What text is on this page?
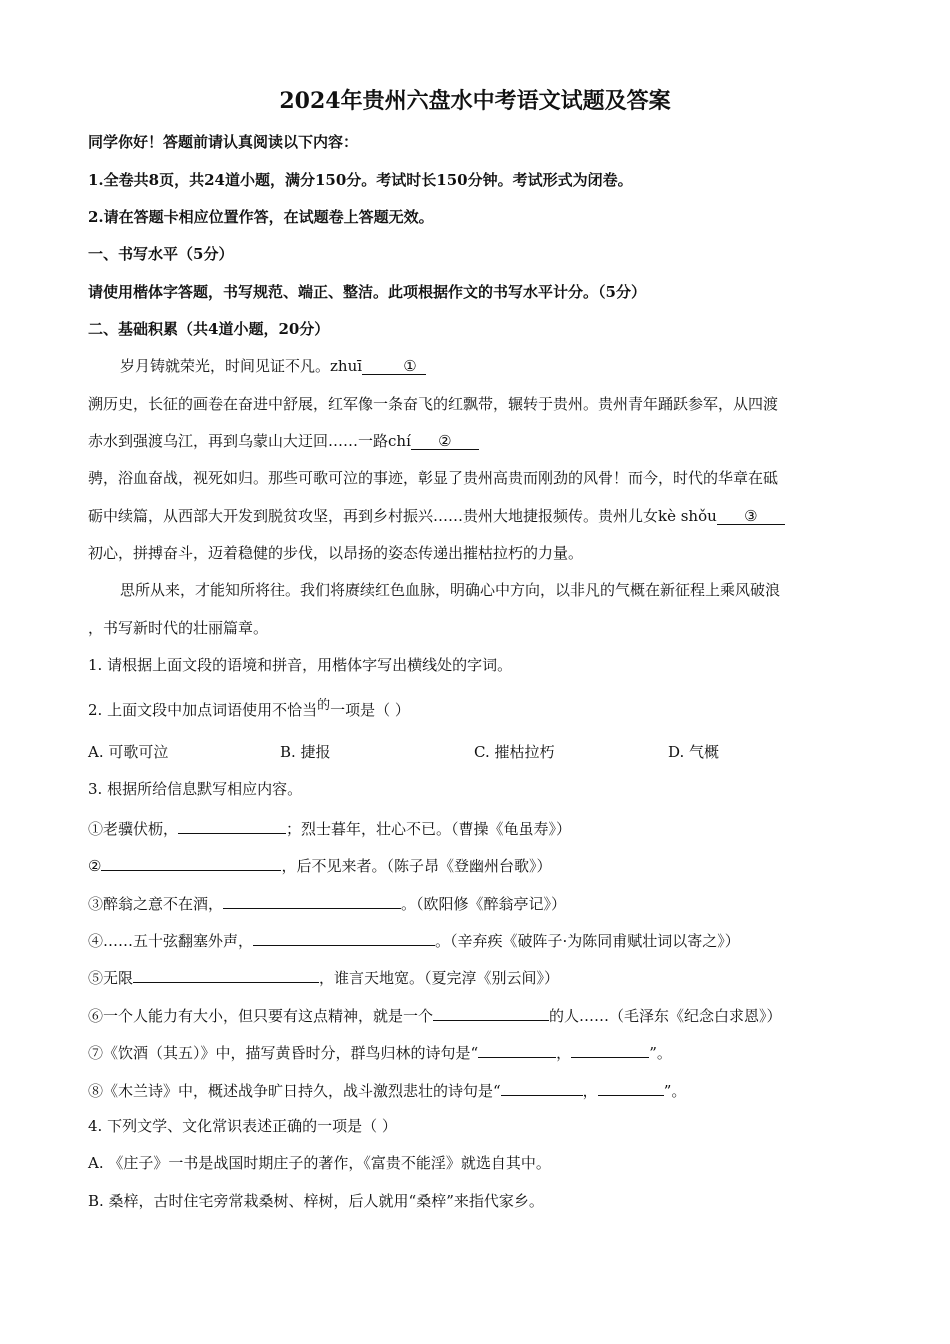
2024年贵州六盘水中考语文试题及答案
同学你好！答题前请认真阅读以下内容：
1.全卷共8页，共24道小题，满分150分。考试时长150分钟。考试形式为闭卷。
2.请在答题卡相应位置作答，在试题卷上答题无效。
一、书写水平（5分）
请使用楷体字答题，书写规范、端正、整洁。此项根据作文的书写水平计分。（5分）
二、基础积累（共4道小题，20分）
岁月铸就荣光，时间见证不凡。zhuī	①
溯历史，长征的画卷在奋进中舒展，红军像一条奋飞的红飘带，辗转于贵州。贵州青年踊跃参军，从四渡
赤水到强渡乌江，再到乌蒙山大迂回……一路chí ②
骋，浴血奋战，视死如归。那些可歌可泣的事迹，彰显了贵州高贵而刚劲的风骨！而今，时代的华章在砥
砺中续篇，从西部大开发到脱贫攻坚，再到乡村振兴……贵州大地捷报频传。贵州儿女kè shǒu ③
初心，拼搏奋斗，迈着稳健的步伐，以昂扬的姿态传递出摧枯拉朽的力量。
思所从来，才能知所将往。我们将赓续红色血脉，明确心中方向，以非凡的气概在新征程上乘风破浪
，书写新时代的壮丽篇章。
1. 请根据上面文段的语境和拼音，用楷体字写出横线处的字词。
2. 上面文段中加点词语使用不恰当的一项是（ ）
A. 可歌可泣	B. 捷报	C. 摧枯拉朽	D. 气概
3. 根据所给信息默写相应内容。
①老骥伏枥，	；烈士暮年，壮心不已。（曹操《龟虽寿》）
②	，后不见来者。（陈子昂《登幽州台歌》）
③醉翁之意不在酒，	。（欧阳修《醉翁亭记》）
④……五十弦翻塞外声，	。（辛弃疾《破阵子·为陈同甫赋壮词以寄之》）
⑤无限	，谁言天地宽。（夏完淳《别云间》）
⑥一个人能力有大小，但只要有这点精神，就是一个	的人……（毛泽东《纪念白求恩》）
⑦《饮酒（其五）》中，描写黄昏时分，群鸟归林的诗句是“	，	”。
⑧《木兰诗》中，概述战争旷日持久，战斗激烈悲壮的诗句是“	，	”。
4. 下列文学、文化常识表述正确的一项是（ ）
A. 《庄子》一书是战国时期庄子的著作，《富贵不能淫》就选自其中。
B. 桑梓，古时住宅旁常栽桑树、梓树，后人就用“桑梓”来指代家乡。
